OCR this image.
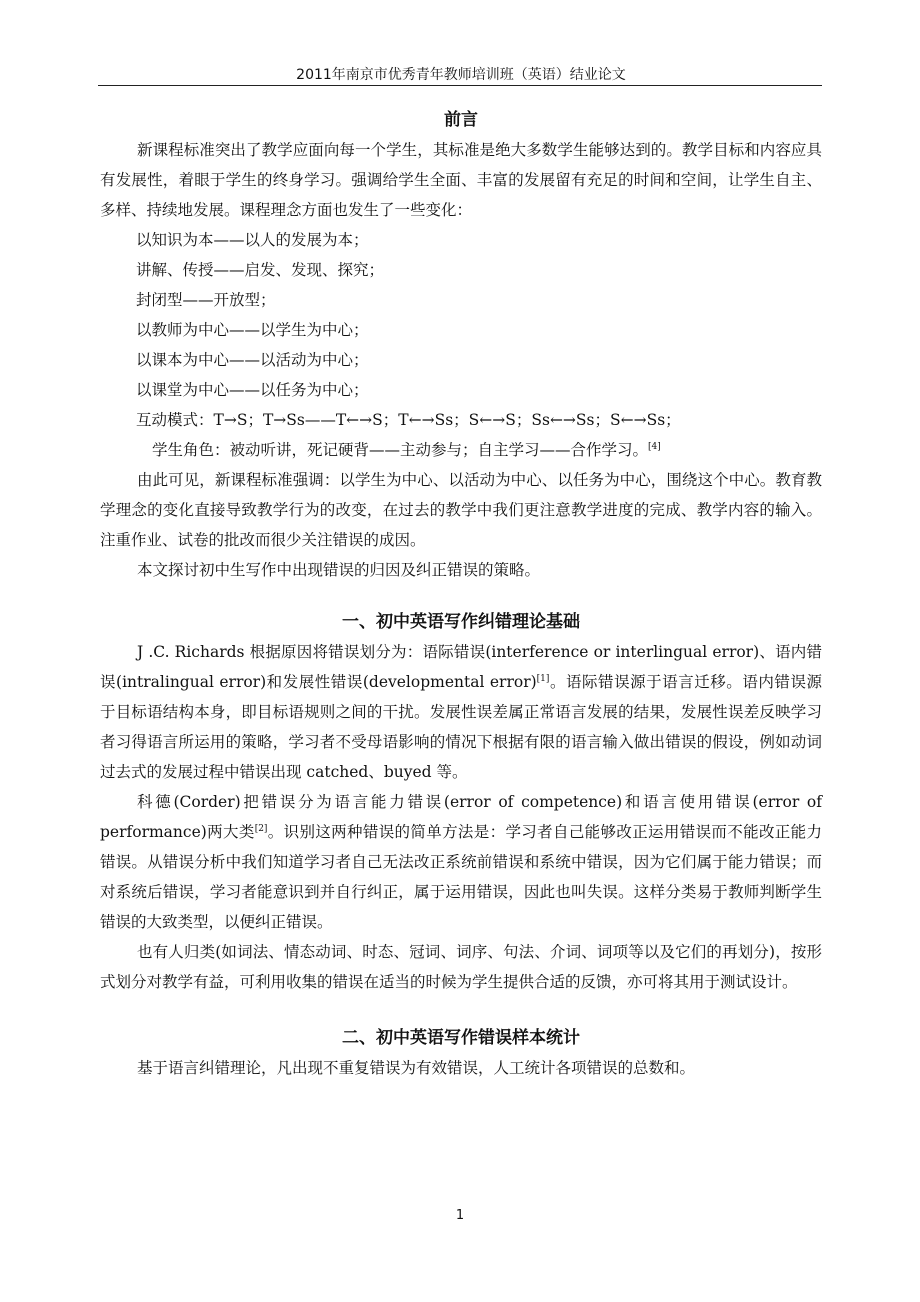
2011年南京市优秀青年教师培训班（英语）结业论文

前言

新课程标准突出了教学应面向每一个学生，其标准是绝大多数学生能够达到的。教学目标和内容应具有发展性，着眼于学生的终身学习。强调给学生全面、丰富的发展留有充足的时间和空间，让学生自主、多样、持续地发展。课程理念方面也发生了一些变化：

以知识为本——以人的发展为本；

讲解、传授——启发、发现、探究；

封闭型——开放型；

以教师为中心——以学生为中心；

以课本为中心——以活动为中心；

以课堂为中心——以任务为中心；

互动模式：T→S；T→Ss——T←→S；T←→Ss；S←→S；Ss←→Ss；S←→Ss；

学生角色：被动听讲，死记硬背——主动参与；自主学习——合作学习。[4]

由此可见，新课程标准强调：以学生为中心、以活动为中心、以任务为中心，围绕这个中心。教育教学理念的变化直接导致教学行为的改变，在过去的教学中我们更注意教学进度的完成、教学内容的输入。 注重作业、试卷的批改而很少关注错误的成因。

本文探讨初中生写作中出现错误的归因及纠正错误的策略。

一、初中英语写作纠错理论基础

J .C. Richards 根据原因将错误划分为：语际错误(interference or interlingual error)、语内错误(intralingual error)和发展性错误(developmental error)[1]。语际错误源于语言迁移。语内错误源于目标语结构本身，即目标语规则之间的干扰。发展性误差属正常语言发展的结果，发展性误差反映学习者习得语言所运用的策略，学习者不受母语影响的情况下根据有限的语言输入做出错误的假设，例如动词过去式的发展过程中错误出现 catched、buyed 等。

科德(Corder)把错误分为语言能力错误(error of competence)和语言使用错误(error of performance)两大类[2]。识别这两种错误的简单方法是：学习者自己能够改正运用错误而不能改正能力错误。从错误分析中我们知道学习者自己无法改正系统前错误和系统中错误，因为它们属于能力错误；而对系统后错误，学习者能意识到并自行纠正，属于运用错误，因此也叫失误。这样分类易于教师判断学生错误的大致类型，以便纠正错误。

也有人归类(如词法、情态动词、时态、冠词、词序、句法、介词、词项等以及它们的再划分)，按形式划分对教学有益，可利用收集的错误在适当的时候为学生提供合适的反馈，亦可将其用于测试设计。

二、初中英语写作错误样本统计

基于语言纠错理论，凡出现不重复错误为有效错误，人工统计各项错误的总数和。

1
